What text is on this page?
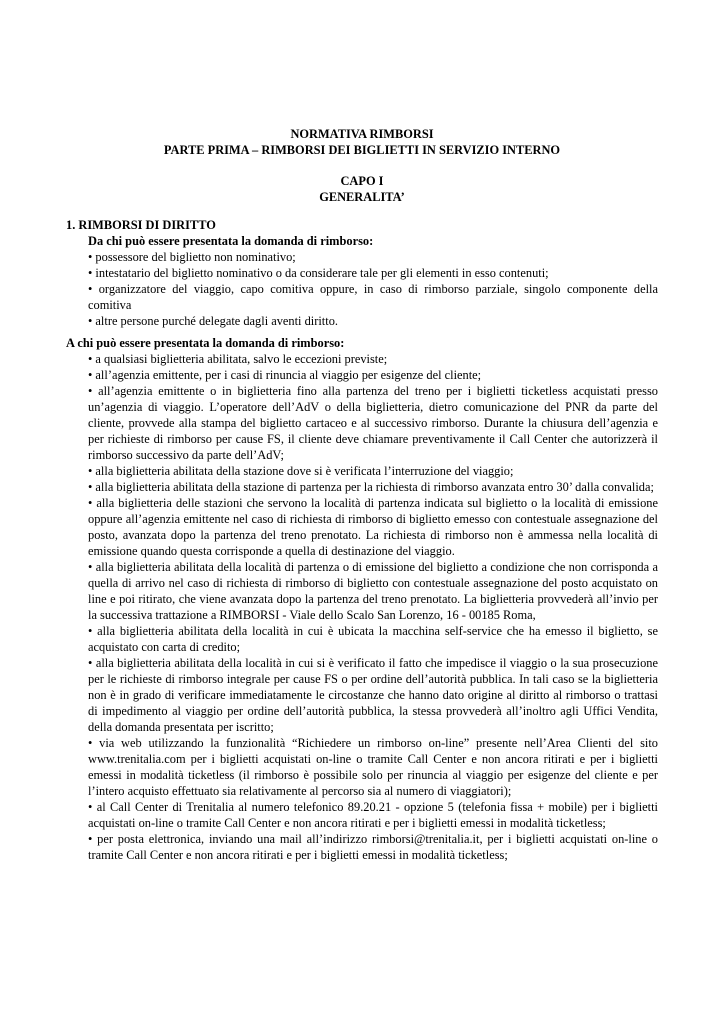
NORMATIVA RIMBORSI
PARTE PRIMA – RIMBORSI DEI BIGLIETTI IN SERVIZIO INTERNO
CAPO I
GENERALITA’
1. RIMBORSI DI DIRITTO
Da chi può essere presentata la domanda di rimborso:
• possessore del biglietto non nominativo;
• intestatario del biglietto nominativo o da considerare tale per gli elementi in esso contenuti;
• organizzatore del viaggio, capo comitiva oppure, in caso di rimborso parziale, singolo componente della comitiva
• altre persone purché delegate dagli aventi diritto.
A chi può essere presentata la domanda di rimborso:
• a qualsiasi biglietteria abilitata, salvo le eccezioni previste;
• all’agenzia emittente, per i casi di rinuncia al viaggio per esigenze del cliente;
• all’agenzia emittente o in biglietteria fino alla partenza del treno per i biglietti ticketless acquistati presso un’agenzia di viaggio. L’operatore dell’AdV o della biglietteria, dietro comunicazione del PNR da parte del cliente, provvede alla stampa del biglietto cartaceo e al successivo rimborso. Durante la chiusura dell’agenzia e per richieste di rimborso per cause FS, il cliente deve chiamare preventivamente il Call Center che autorizzerà il rimborso successivo da parte dell’AdV;
• alla biglietteria abilitata della stazione dove si è verificata l’interruzione del viaggio;
• alla biglietteria abilitata della stazione di partenza per la richiesta di rimborso avanzata entro 30’ dalla convalida;
• alla biglietteria delle stazioni che servono la località di partenza indicata sul biglietto o la località di emissione oppure all’agenzia emittente nel caso di richiesta di rimborso di biglietto emesso con contestuale assegnazione del posto, avanzata dopo la partenza del treno prenotato. La richiesta di rimborso non è ammessa nella località di emissione quando questa corrisponde a quella di destinazione del viaggio.
• alla biglietteria abilitata della località di partenza o di emissione del biglietto a condizione che non corrisponda a quella di arrivo nel caso di richiesta di rimborso di biglietto con contestuale assegnazione del posto acquistato on line e poi ritirato, che viene avanzata dopo la partenza del treno prenotato. La biglietteria provvederà all’invio per la successiva trattazione a RIMBORSI - Viale dello Scalo San Lorenzo, 16 - 00185 Roma,
• alla biglietteria abilitata della località in cui è ubicata la macchina self-service che ha emesso il biglietto, se acquistato con carta di credito;
• alla biglietteria abilitata della località in cui si è verificato il fatto che impedisce il viaggio o la sua prosecuzione per le richieste di rimborso integrale per cause FS o per ordine dell’autorità pubblica. In tali caso se la biglietteria non è in grado di verificare immediatamente le circostanze che hanno dato origine al diritto al rimborso o trattasi di impedimento al viaggio per ordine dell’autorità pubblica, la stessa provvederà all’inoltro agli Uffici Vendita, della domanda presentata per iscritto;
• via web utilizzando la funzionalità “Richiedere un rimborso on-line” presente nell’Area Clienti del sito www.trenitalia.com per i biglietti acquistati on-line o tramite Call Center e non ancora ritirati e per i biglietti emessi in modalità ticketless (il rimborso è possibile solo per rinuncia al viaggio per esigenze del cliente e per l’intero acquisto effettuato sia relativamente al percorso sia al numero di viaggiatori);
• al Call Center di Trenitalia al numero telefonico 89.20.21 - opzione 5 (telefonia fissa + mobile) per i biglietti acquistati on-line o tramite Call Center e non ancora ritirati e per i biglietti emessi in modalità ticketless;
• per posta elettronica, inviando una mail all’indirizzo rimborsi@trenitalia.it, per i biglietti acquistati on-line o tramite Call Center e non ancora ritirati e per i biglietti emessi in modalità ticketless;
